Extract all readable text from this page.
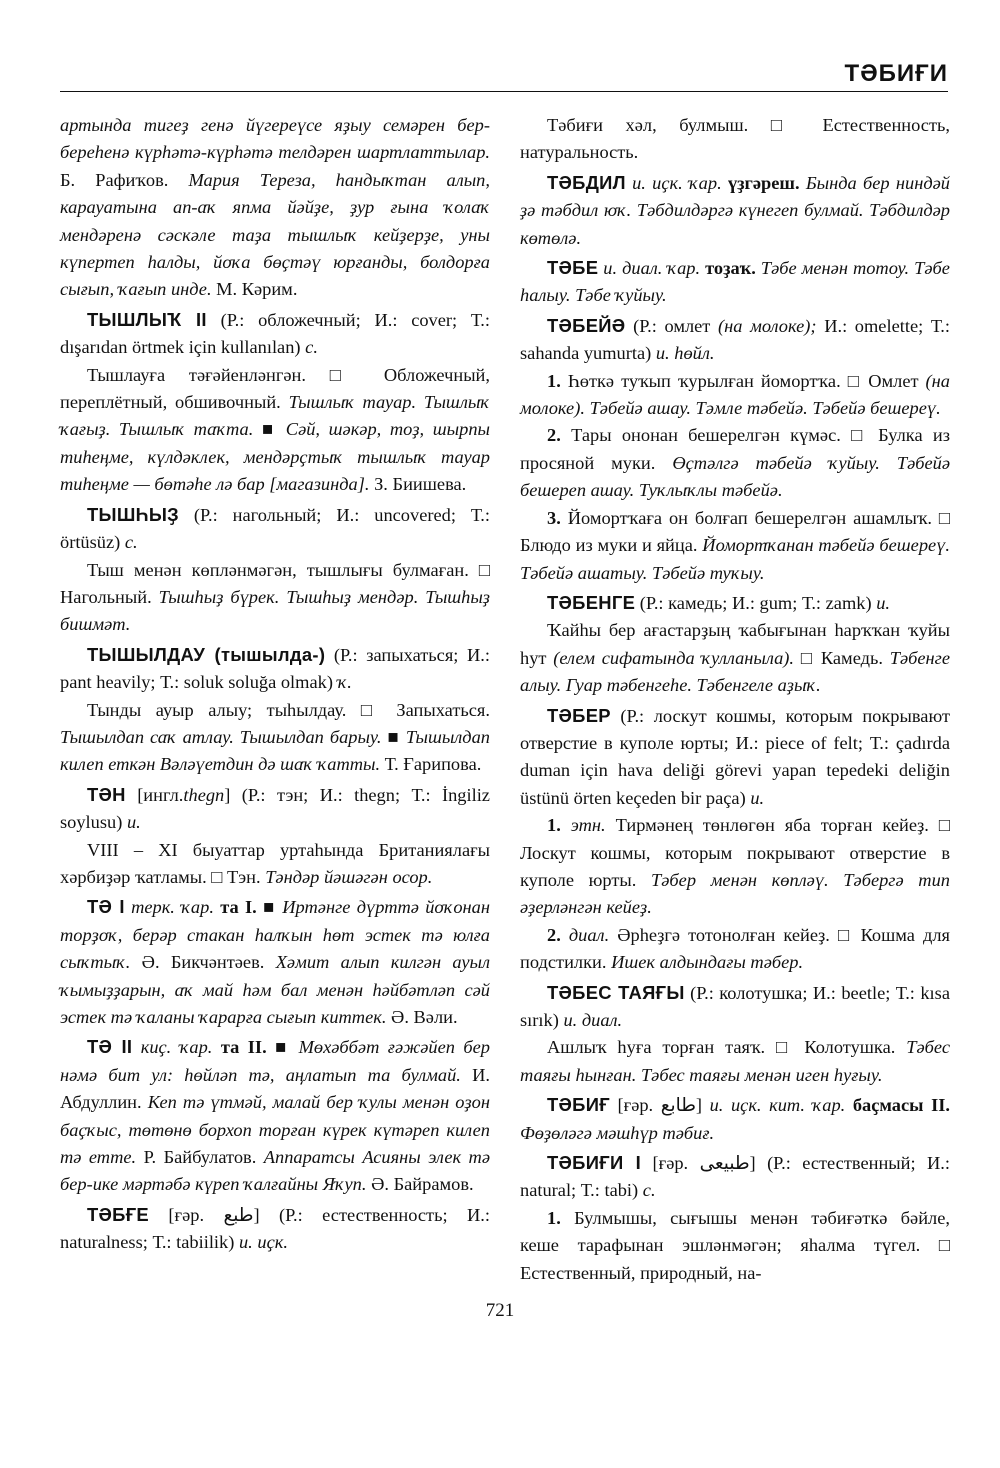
ТӘБИҒИ

артында тигеҙ генә йүгереүсе яҙыу семәрен бер-береһенә күрһәтә-күрһәтә телдәрен шартлаттылар. Б. Рафиҡов. Мария Тереза, һандыҡтан алып, карауатына ап-аҡ япма йәйҙе, ҙур ғына ҡолаҡ мендәренә сәскәле таҙа тышлыҡ кейҙерҙе, уны күпертеп һалды, йоҡа бөҫтәү юрғанды, болдорға сығып, ҡағып инде. М. Кәрим.

ТЫШЛЫҠ II (Р.: обложечный; И.: cover; Т.: dışarıdan örtmek için kullanılan) с.

Тышлауға тәғәйенләнгән. □ Обложечный, переплётный, обшивочный. Тышлыҡ тауар. Тышлыҡ ҡағыҙ. Тышлыҡ таҡта. ■ Сәй, шәкәр, тоҙ, шырпы тиһеңме, күлдәклек, мендәрҫтыҡ тышлыҡ тауар тиһеңме — бөтәһе лә бар [магазинда]. З. Биишева.

ТЫШҺЫҘ (Р.: нагольный; И.: uncovered; Т.: örtüsüz) с.

Тыш менән көпләнмәгән, тышлығы булмаған. □ Нагольный. Тышһыҙ бүрек. Тышһыҙ мендәр. Тышһыҙ бишмәт.

ТЫШЫЛДАУ (тышылда-) (Р.: запыхаться; И.: pant heavily; Т.: soluk soluğa olmak) ҡ.

Тынды ауыр алыу; тыһылдау. □ Запыхаться. Тышылдап саҡ атлау. Тышылдап барыу. ■ Тышылдап килеп еткән Вәләүетдин дә шаҡ ҡатты. Т. Ғарипова.

ТӘН [ингл.thegn] (Р.: тэн; И.: thegn; Т.: İngiliz soylusu) и.

VIII – XI быуаттар уртаһында Британиялағы хәрбиҙәр ҡатламы. □ Тэн. Тәндәр йәшәгән осор.

ТӘ I терк. ҡар. та I. ■ Иртәнге дүрттә йоҡонан торҙоҡ, берәр стакан һалҡын һөт эстек тә юлға сыҡтыҡ. Ә. Бикчәнтәев. Хәмит алып килгән ауыл ҡымыҙҙарын, аҡ май һәм бал менән һәйбәтләп сәй эстек тә ҡаланы ҡарарға сығып киттек. Ә. Вәли.

ТӘ II киҫ. ҡар. та II. ■ Мөхәббәт ғәжәйеп бер нәмә бит ул: һөйләп тә, аңлатып та булмай. И. Абдуллин. Кеп тә үтмәй, малай бер ҡулы менән оҙон баҫҡыс, төтөнө борхоп торған күрек күтәреп килеп тә етте. Р. Байбулатов. Аппаратсы Асияны элек тә бер-ике мәртәбә күреп ҡалғайны Яҡуп. Ә. Байрамов.

ТӘБҒЕ [ғәр. طبع] (Р.: естественность; И.: naturalness; Т.: tabiilik) и. иҫк.

Тәбиғи хәл, булмыш. □ Естественность, натуральность.

ТӘБДИЛ и. иҫк. ҡар. үҙгәреш. Бында бер ниндәй ҙә тәбдил юҡ. Тәбдилдәргә күнегеп булмай. Тәбдилдәр көтөлә.

ТӘБЕ и. диал. ҡар. тоҙаҡ. Тәбе менән тотоу. Тәбе һалыу. Тәбе ҡуйыу.

ТӘБЕЙӘ (Р.: омлет (на молоке); И.: omelette; Т.: sahanda yumurta) и. һөйл.

1. Һөткә туҡып ҡурылған йомортҡа. □ Омлет (на молоке). Тәбейә ашау. Тәмле тәбейә. Тәбейә бешереү.

2. Тары ононан бешерелгән күмәс. □ Булка из просяной муки. Өҫтәлгә тәбейә ҡуйыу. Тәбейә бешереп ашау. Туҡлыҡлы тәбейә.

3. Йомортҡаға он болғап бешерелгән ашамлыҡ. □ Блюдо из муки и яйца. Йомортҡанан тәбейә бешереү. Тәбейә ашатыу. Тәбейә туҡыу.

ТӘБЕНГЕ (Р.: камедь; И.: gum; Т.: zamk) и.

Ҡайһы бер ағастарҙың ҡабығынан һарҡҡан ҡуйы һут (елем сифатында ҡулланыла). □ Камедь. Тәбенге алыу. Гуар тәбенгеһе. Тәбенгеле аҙыҡ.

ТӘБЕР (Р.: лоскут кошмы, которым покрывают отверстие в куполе юрты; И.: piece of felt; Т.: çadırda duman için hava deliği görevi yapan tepedeki deliğin üstünü örten keçeden bir paça) и.

1. этн. Тирмәнең төнлөгөн яба торған кейеҙ. □ Лоскут кошмы, которым покрывают отверстие в куполе юрты. Тәбер менән көпләү. Тәбергә тип әҙерләнгән кейеҙ.

2. диал. Әрһеҙгә тотонолған кейеҙ. □ Кошма для подстилки. Ишек алдындағы тәбер.

ТӘБЕС ТАЯҒЫ (Р.: колотушка; И.: beetle; Т.: kısa sırık) и. диал.

Ашлыҡ һуға торған таяҡ. □ Колотушка. Тәбес таяғы һынған. Тәбес таяғы менән иген һуғыу.

ТӘБИҒ [ғәр. طابع] и. иҫк. кит. ҡар. баҫмасы II. Фөҙөләгә мәшһүр тәбиғ.

ТӘБИҒИ I [ғәр. طبيعى] (Р.: естественный; И.: natural; Т.: tabi) с.

1. Булмышы, сығышы менән тәбиғәткә бәйле, кеше тарафынан эшләнмәгән; яһалма түгел. □ Естественный, природный, на-

721
